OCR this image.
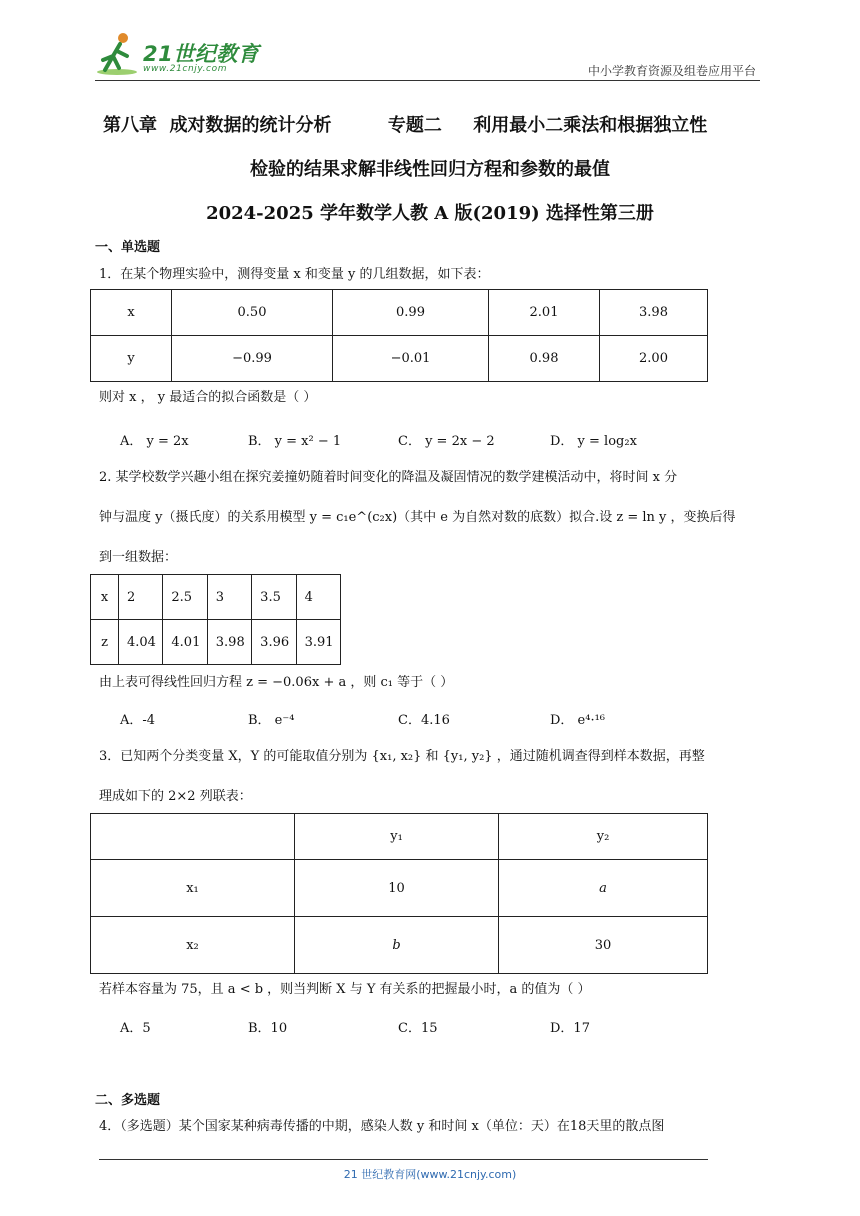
21世纪教育
www.21cnjy.com	中小学教育资源及组卷应用平台
第八章  成对数据的统计分析         专题二     利用最小二乘法和根据独立性
检验的结果求解非线性回归方程和参数的最值
2024-2025 学年数学人教 A 版(2019) 选择性第三册
一、单选题
1．在某个物理实验中，测得变量 x 和变量 y 的几组数据，如下表：
x	0.50	0.99	2.01	3.98
y	−0.99	−0.01	0.98	2.00
则对 x ， y 最适合的拟合函数是（ ）
A． y = 2x	B． y = x² − 1	C． y = 2x − 2	D． y = log₂x
2. 某学校数学兴趣小组在探究姜撞奶随着时间变化的降温及凝固情况的数学建模活动中，将时间 x 分
钟与温度 y（摄氏度）的关系用模型 y = c₁e^(c₂x)（其中 e 为自然对数的底数）拟合.设 z = ln y ，变换后得
到一组数据：
x	2	2.5	3	3.5	4
z	4.04	4.01	3.98	3.96	3.91
由上表可得线性回归方程 z = −0.06x + a ，则 c₁ 等于（ ）
A．-4	B． e⁻⁴	C．4.16	D． e⁴·¹⁶
3．已知两个分类变量 X，Y 的可能取值分别为 {x₁, x₂} 和 {y₁, y₂} ，通过随机调查得到样本数据，再整
理成如下的 2×2 列联表：
	y₁	y₂
x₁	10	a
x₂	b	30
若样本容量为 75，且 a < b ，则当判断 X 与 Y 有关系的把握最小时，a 的值为（ ）
A．5	B．10	C．15	D．17
二、多选题
4．（多选题）某个国家某种病毒传播的中期，感染人数 y 和时间 x（单位：天）在18天里的散点图
21 世纪教育网(www.21cnjy.com)
